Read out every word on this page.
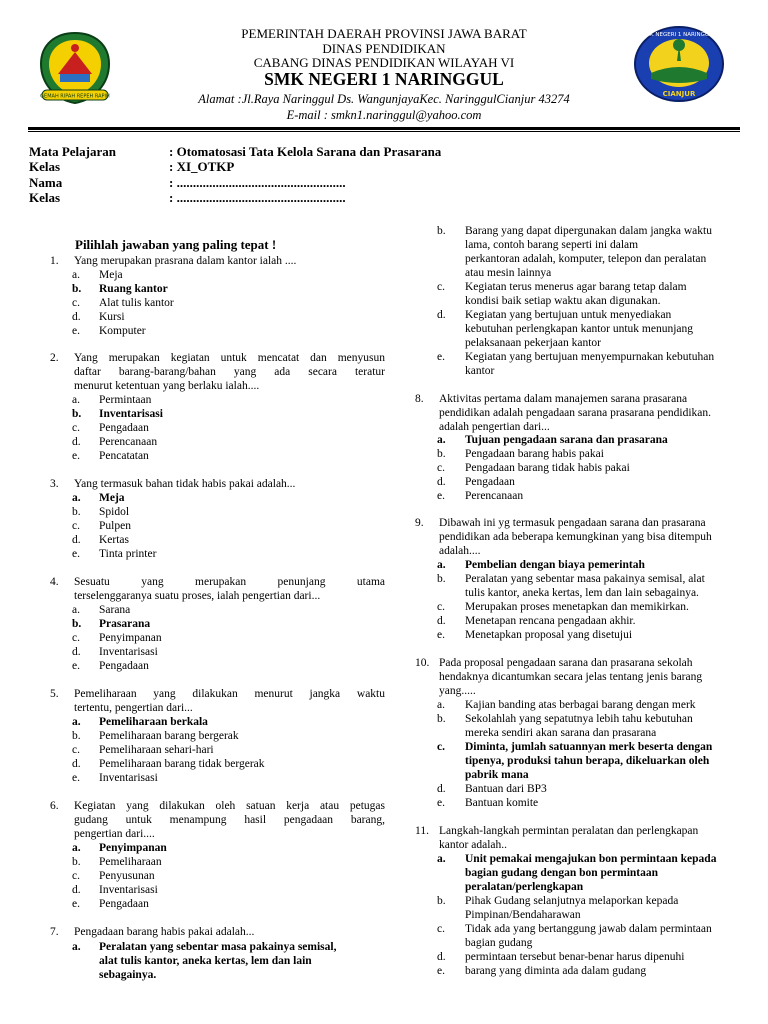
GEMAH RIPAH REPEH RAPIH
SMK NEGERI 1 NARINGGUL
CIANJUR
PEMERINTAH DAERAH PROVINSI JAWA BARAT
DINAS PENDIDIKAN
CABANG DINAS PENDIDIKAN WILAYAH VI
SMK NEGERI 1 NARINGGUL
Alamat :Jl.Raya Naringgul Ds. WangunjayaKec. NaringgulCianjur 43274
E-mail : smkn1.naringgul@yahoo.com
Mata Pelajaran	: Otomatosasi Tata Kelola Sarana dan Prasarana
Kelas	: XI_OTKP
Nama	: ....................................................
Kelas	: ....................................................
Pilihlah jawaban yang paling tepat !
1. Yang merupakan prasrana dalam kantor ialah ....
a. Meja
b. Ruang kantor
c. Alat tulis kantor
d. Kursi
e. Komputer
2. Yang merupakan kegiatan untuk mencatat dan menyusun
daftar barang-barang/bahan yang ada secara teratur
menurut ketentuan yang berlaku ialah....
a. Permintaan
b. Inventarisasi
c. Pengadaan
d. Perencanaan
e. Pencatatan
3. Yang termasuk bahan tidak habis pakai adalah...
a. Meja
b. Spidol
c. Pulpen
d. Kertas
e. Tinta printer
4. Sesuatu yang merupakan penunjang utama
terselenggaranya suatu proses, ialah pengertian dari...
a. Sarana
b. Prasarana
c. Penyimpanan
d. Inventarisasi
e. Pengadaan
5. Pemeliharaan yang dilakukan menurut jangka waktu
tertentu, pengertian dari...
a. Pemeliharaan berkala
b. Pemeliharaan barang bergerak
c. Pemeliharaan sehari-hari
d. Pemeliharaan barang tidak bergerak
e. Inventarisasi
6. Kegiatan yang dilakukan oleh satuan kerja atau petugas
gudang untuk menampung hasil pengadaan barang,
pengertian dari....
a. Penyimpanan
b. Pemeliharaan
c. Penyusunan
d. Inventarisasi
e. Pengadaan
7. Pengadaan barang habis pakai adalah...
a. Peralatan yang sebentar masa pakainya semisal,
alat tulis kantor, aneka kertas, lem dan lain
sebagainya.
b. Barang yang dapat dipergunakan dalam jangka waktu
lama, contoh barang seperti ini dalam
perkantoran adalah, komputer, telepon dan peralatan
atau mesin lainnya
c. Kegiatan terus menerus agar barang tetap dalam
kondisi baik setiap waktu akan digunakan.
d. Kegiatan yang bertujuan untuk menyediakan
kebutuhan perlengkapan kantor untuk menunjang
pelaksanaan pekerjaan kantor
e. Kegiatan yang bertujuan menyempurnakan kebutuhan
kantor
8. Aktivitas pertama dalam manajemen sarana prasarana
pendidikan adalah pengadaan sarana prasarana pendidikan.
adalah pengertian dari...
a. Tujuan pengadaan sarana dan prasarana
b. Pengadaan barang habis pakai
c. Pengadaan barang tidak habis pakai
d. Pengadaan
e. Perencanaan
9. Dibawah ini yg termasuk pengadaan sarana dan prasarana
pendidikan ada beberapa kemungkinan yang bisa ditempuh
adalah....
a. Pembelian dengan biaya pemerintah
b. Peralatan yang sebentar masa pakainya semisal, alat
tulis kantor, aneka kertas, lem dan lain sebagainya.
c. Merupakan proses menetapkan dan memikirkan.
d. Menetapan rencana pengadaan akhir.
e. Menetapkan proposal yang disetujui
10. Pada proposal pengadaan sarana dan prasarana sekolah
hendaknya dicantumkan secara jelas tentang jenis barang
yang.....
a. Kajian banding atas berbagai barang dengan merk
b. Sekolahlah yang sepatutnya lebih tahu kebutuhan
mereka sendiri akan sarana dan prasarana
c. Diminta, jumlah satuannyan merk beserta dengan
tipenya, produksi tahun berapa, dikeluarkan oleh
pabrik mana
d. Bantuan dari BP3
e. Bantuan komite
11. Langkah-langkah permintan peralatan dan perlengkapan
kantor adalah..
a. Unit pemakai mengajukan bon permintaan kepada
bagian gudang dengan bon permintaan
peralatan/perlengkapan
b. Pihak Gudang selanjutnya melaporkan kepada
Pimpinan/Bendaharawan
c. Tidak ada yang bertanggung jawab dalam permintaan
bagian gudang
d. permintaan tersebut benar-benar harus dipenuhi
e. barang yang diminta ada dalam gudang
